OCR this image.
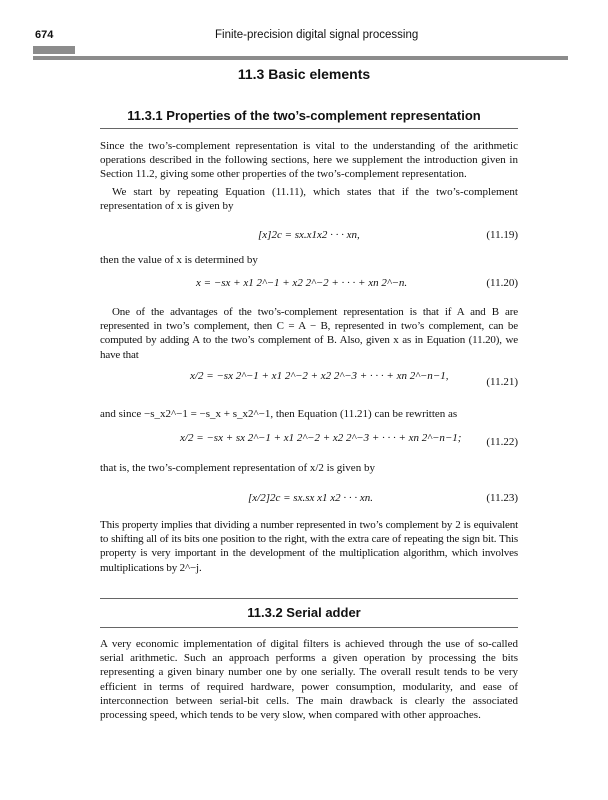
674	Finite-precision digital signal processing
11.3 Basic elements
11.3.1 Properties of the two’s-complement representation
Since the two’s-complement representation is vital to the understanding of the arithmetic operations described in the following sections, here we supplement the introduction given in Section 11.2, giving some other properties of the two’s-complement representation.
We start by repeating Equation (11.11), which states that if the two’s-complement representation of x is given by
[x]2c = sx.x1x2 · · · xn,	(11.19)
then the value of x is determined by
x = −sx + x1 2^−1 + x2 2^−2 + · · · + xn 2^−n.	(11.20)
One of the advantages of the two’s-complement representation is that if A and B are represented in two’s complement, then C = A − B, represented in two’s complement, can be computed by adding A to the two’s complement of B. Also, given x as in Equation (11.20), we have that
x/2 = −sx 2^−1 + x1 2^−2 + x2 2^−3 + · · · + xn 2^−n−1,	(11.21)
and since −s_x2^−1 = −s_x + s_x2^−1, then Equation (11.21) can be rewritten as
x/2 = −sx + sx 2^−1 + x1 2^−2 + x2 2^−3 + · · · + xn 2^−n−1; (11.22)
that is, the two’s-complement representation of x/2 is given by
[x/2]2c = sx.sx x1 x2 · · · xn.	(11.23)
This property implies that dividing a number represented in two’s complement by 2 is equivalent to shifting all of its bits one position to the right, with the extra care of repeating the sign bit. This property is very important in the development of the multiplication algorithm, which involves multiplications by 2^−j.
11.3.2 Serial adder
A very economic implementation of digital filters is achieved through the use of so-called serial arithmetic. Such an approach performs a given operation by processing the bits representing a given binary number one by one serially. The overall result tends to be very efficient in terms of required hardware, power consumption, modularity, and ease of interconnection between serial-bit cells. The main drawback is clearly the associated processing speed, which tends to be very slow, when compared with other approaches.
